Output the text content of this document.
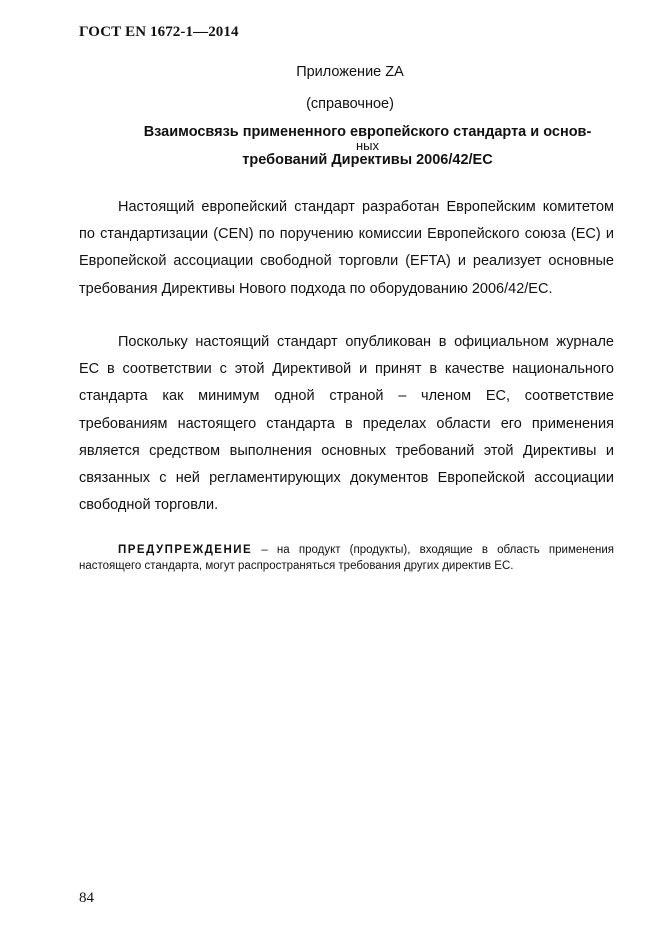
ГОСТ EN 1672-1—2014
Приложение ZA
(справочное)
Взаимосвязь примененного европейского стандарта и основ-
ных
требований Директивы 2006/42/ЕС

Настоящий европейский стандарт разработан Европейским комитетом по стандартизации (CEN) по поручению комиссии Европейского союза (ЕС) и Европейской ассоциации свободной торговли (EFTA) и реализует основные требования Директивы Нового подхода по оборудованию 2006/42/ЕС.

Поскольку настоящий стандарт опубликован в официальном журнале ЕС в соответствии с этой Директивой и принят в качестве национального стандарта как минимум одной страной – членом ЕС, соответствие требованиям настоящего стандарта в пределах области его применения является средством выполнения основных требований этой Директивы и связанных с ней регламентирующих документов Европейской ассоциации свободной торговли.

ПРЕДУПРЕЖДЕНИЕ – на продукт (продукты), входящие в область применения настоящего стандарта, могут распространяться требования других директив ЕС.

84
